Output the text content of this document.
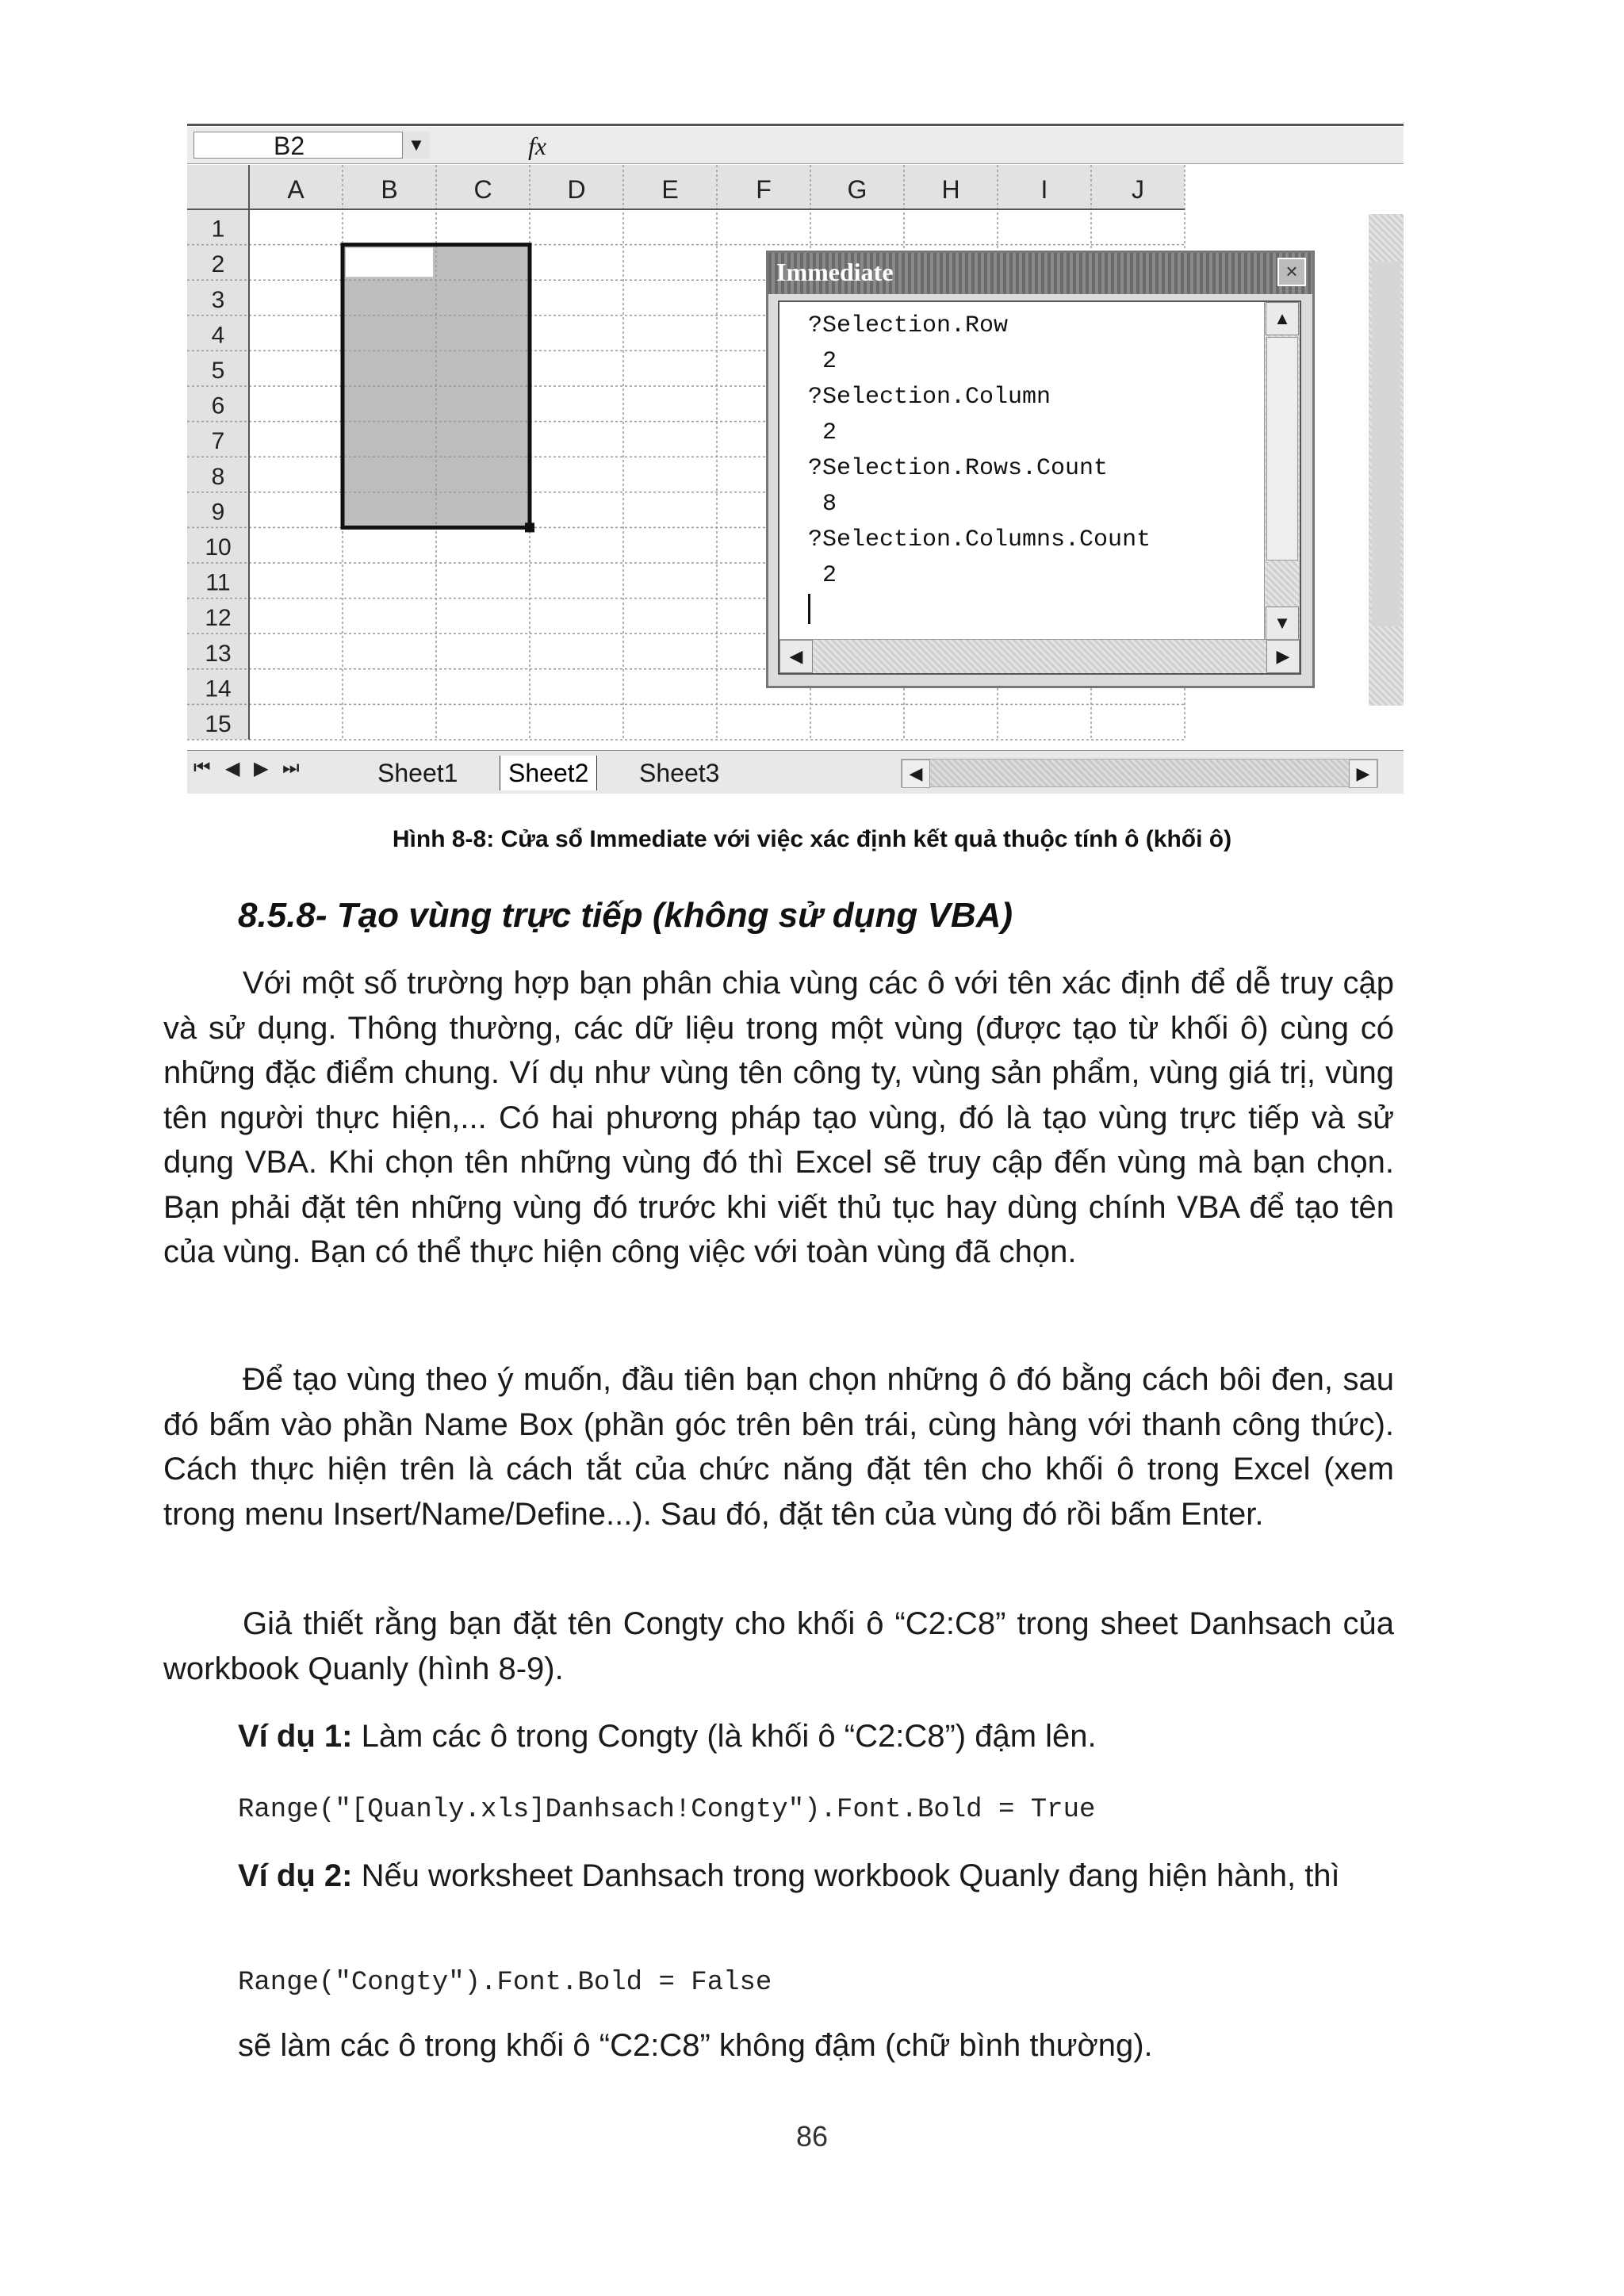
B2	▼	fx
A	B	C	D	E	F	G	H	I	J
1
2
3
4
5
6
7
8
9
10
11
12
13
14
15
Immediate	×
?Selection.Row
2
?Selection.Column
2
?Selection.Rows.Count
8
?Selection.Columns.Count
2
▲
▼
◀	▶
⏮ ◀ ▶ ⏭	Sheet1	Sheet2	Sheet3	◀	▶
Hình 8-8: Cửa sổ Immediate với việc xác định kết quả thuộc tính ô (khối ô)
8.5.8- Tạo vùng trực tiếp (không sử dụng VBA)

Với một số trường hợp bạn phân chia vùng các ô với tên xác định để dễ truy cập và sử dụng. Thông thường, các dữ liệu trong một vùng (được tạo từ khối ô) cùng có những đặc điểm chung. Ví dụ như vùng tên công ty, vùng sản phẩm, vùng giá trị, vùng tên người thực hiện,... Có hai phương pháp tạo vùng, đó là tạo vùng trực tiếp và sử dụng VBA. Khi chọn tên những vùng đó thì Excel sẽ truy cập đến vùng mà bạn chọn. Bạn phải đặt tên những vùng đó trước khi viết thủ tục hay dùng chính VBA để tạo tên của vùng. Bạn có thể thực hiện công việc với toàn vùng đã chọn.

Để tạo vùng theo ý muốn, đầu tiên bạn chọn những ô đó bằng cách bôi đen, sau đó bấm vào phần Name Box (phần góc trên bên trái, cùng hàng với thanh công thức). Cách thực hiện trên là cách tắt của chức năng đặt tên cho khối ô trong Excel (xem trong menu Insert/Name/Define...). Sau đó, đặt tên của vùng đó rồi bấm Enter.

Giả thiết rằng bạn đặt tên Congty cho khối ô “C2:C8” trong sheet Danhsach của workbook Quanly (hình 8-9).

Ví dụ 1: Làm các ô trong Congty (là khối ô “C2:C8”) đậm lên.

Range("[Quanly.xls]Danhsach!Congty").Font.Bold = True

Ví dụ 2: Nếu worksheet Danhsach trong workbook Quanly đang hiện hành, thì

Range("Congty").Font.Bold = False
sẽ làm các ô trong khối ô “C2:C8” không đậm (chữ bình thường).
86
